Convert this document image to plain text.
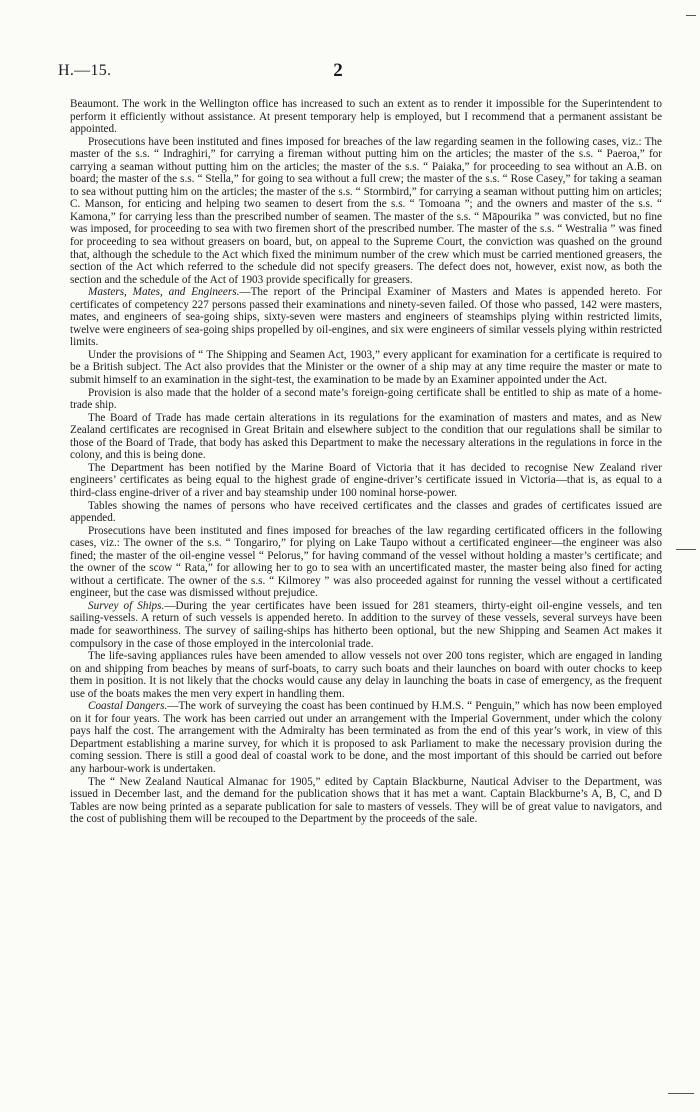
H.—15.	2

Beaumont. The work in the Wellington office has increased to such an extent as to render it impossible for the Superintendent to perform it efficiently without assistance. At present temporary help is employed, but I recommend that a permanent assistant be appointed.

Prosecutions have been instituted and fines imposed for breaches of the law regarding seamen in the following cases, viz.: The master of the s.s. “ Indraghiri,” for carrying a fireman without putting him on the articles; the master of the s.s. “ Paeroa,” for carrying a seaman without putting him on the articles; the master of the s.s. “ Paiaka,” for proceeding to sea without an A.B. on board; the master of the s.s. “ Stella,” for going to sea without a full crew; the master of the s.s. “ Rose Casey,” for taking a seaman to sea without putting him on the articles; the master of the s.s. “ Stormbird,” for carrying a seaman without putting him on articles; C. Manson, for enticing and helping two seamen to desert from the s.s. “ Tomoana ”; and the owners and master of the s.s. “ Kamona,” for carrying less than the prescribed number of seamen. The master of the s.s. “ Māpourika ” was convicted, but no fine was imposed, for proceeding to sea with two firemen short of the prescribed number. The master of the s.s. “ Westralia ” was fined for proceeding to sea without greasers on board, but, on appeal to the Supreme Court, the conviction was quashed on the ground that, although the schedule to the Act which fixed the minimum number of the crew which must be carried mentioned greasers, the section of the Act which referred to the schedule did not specify greasers. The defect does not, however, exist now, as both the section and the schedule of the Act of 1903 provide specifically for greasers.

Masters, Mates, and Engineers.—The report of the Principal Examiner of Masters and Mates is appended hereto. For certificates of competency 227 persons passed their examinations and ninety-seven failed. Of those who passed, 142 were masters, mates, and engineers of sea-going ships, sixty-seven were masters and engineers of steamships plying within restricted limits, twelve were engineers of sea-going ships propelled by oil-engines, and six were engineers of similar vessels plying within restricted limits.

Under the provisions of “ The Shipping and Seamen Act, 1903,” every applicant for examination for a certificate is required to be a British subject. The Act also provides that the Minister or the owner of a ship may at any time require the master or mate to submit himself to an examination in the sight-test, the examination to be made by an Examiner appointed under the Act.

Provision is also made that the holder of a second mate’s foreign-going certificate shall be entitled to ship as mate of a home-trade ship.

The Board of Trade has made certain alterations in its regulations for the examination of masters and mates, and as New Zealand certificates are recognised in Great Britain and elsewhere subject to the condition that our regulations shall be similar to those of the Board of Trade, that body has asked this Department to make the necessary alterations in the regulations in force in the colony, and this is being done.

The Department has been notified by the Marine Board of Victoria that it has decided to recognise New Zealand river engineers’ certificates as being equal to the highest grade of engine-driver’s certificate issued in Victoria—that is, as equal to a third-class engine-driver of a river and bay steamship under 100 nominal horse-power.

Tables showing the names of persons who have received certificates and the classes and grades of certificates issued are appended.

Prosecutions have been instituted and fines imposed for breaches of the law regarding certificated officers in the following cases, viz.: The owner of the s.s. “ Tongariro,” for plying on Lake Taupo without a certificated engineer—the engineer was also fined; the master of the oil-engine vessel “ Pelorus,” for having command of the vessel without holding a master’s certificate; and the owner of the scow “ Rata,” for allowing her to go to sea with an uncertificated master, the master being also fined for acting without a certificate. The owner of the s.s. “ Kilmorey ” was also proceeded against for running the vessel without a certificated engineer, but the case was dismissed without prejudice.

Survey of Ships.—During the year certificates have been issued for 281 steamers, thirty-eight oil-engine vessels, and ten sailing-vessels. A return of such vessels is appended hereto. In addition to the survey of these vessels, several surveys have been made for seaworthiness. The survey of sailing-ships has hitherto been optional, but the new Shipping and Seamen Act makes it compulsory in the case of those employed in the intercolonial trade.

The life-saving appliances rules have been amended to allow vessels not over 200 tons register, which are engaged in landing on and shipping from beaches by means of surf-boats, to carry such boats and their launches on board with outer chocks to keep them in position. It is not likely that the chocks would cause any delay in launching the boats in case of emergency, as the frequent use of the boats makes the men very expert in handling them.

Coastal Dangers.—The work of surveying the coast has been continued by H.M.S. “ Penguin,” which has now been employed on it for four years. The work has been carried out under an arrangement with the Imperial Government, under which the colony pays half the cost. The arrangement with the Admiralty has been terminated as from the end of this year’s work, in view of this Department establishing a marine survey, for which it is proposed to ask Parliament to make the necessary provision during the coming session. There is still a good deal of coastal work to be done, and the most important of this should be carried out before any harbour-work is undertaken.

The “ New Zealand Nautical Almanac for 1905,” edited by Captain Blackburne, Nautical Adviser to the Department, was issued in December last, and the demand for the publication shows that it has met a want. Captain Blackburne’s A, B, C, and D Tables are now being printed as a separate publication for sale to masters of vessels. They will be of great value to navigators, and the cost of publishing them will be recouped to the Department by the proceeds of the sale.
